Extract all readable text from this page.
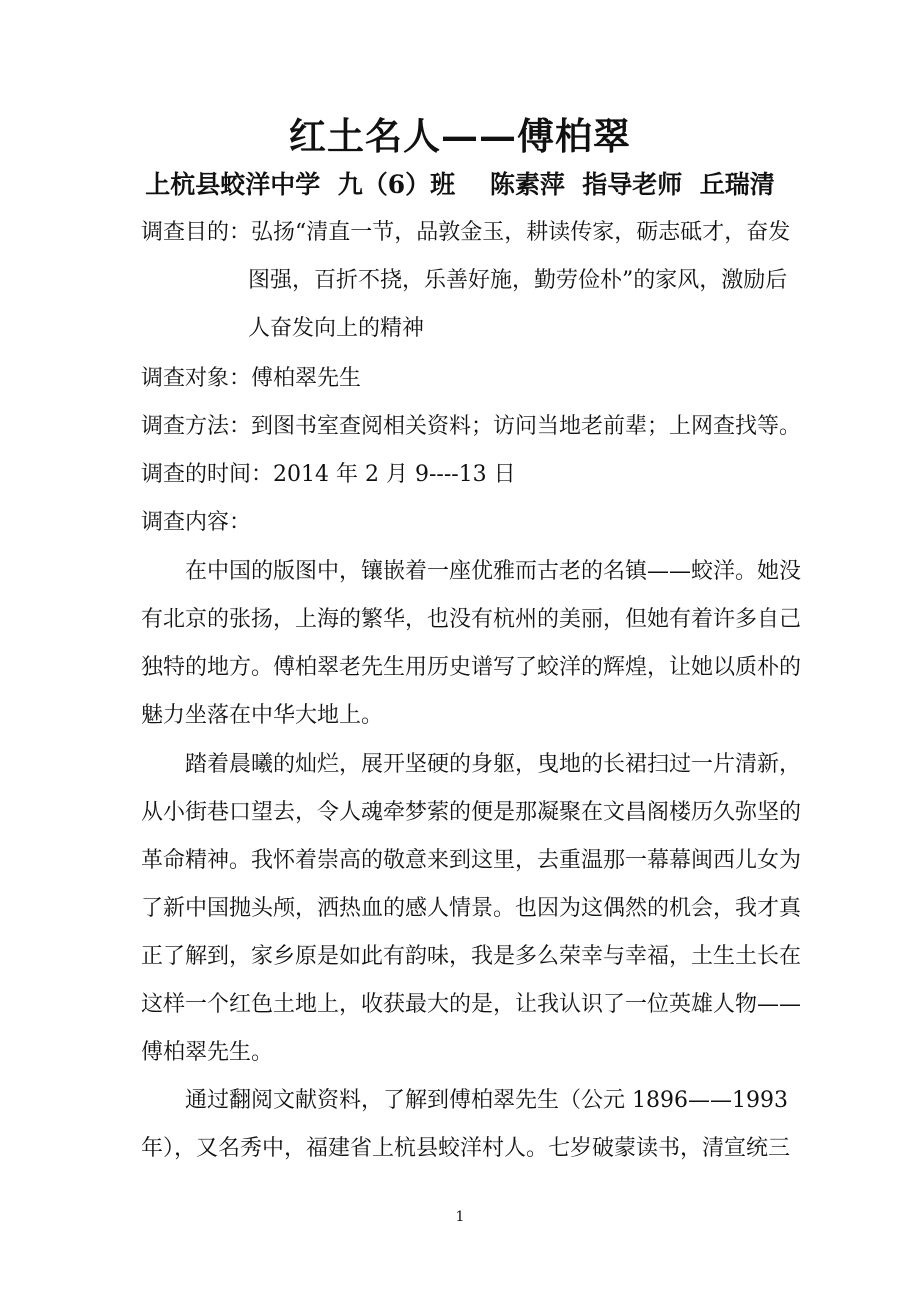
红土名人——傅柏翠
上杭县蛟洋中学  九（6）班    陈素萍  指导老师  丘瑞清
调查目的：弘扬“清直一节，品敦金玉，耕读传家，砺志砥才，奋发
图强，百折不挠，乐善好施，勤劳俭朴”的家风，激励后
人奋发向上的精神
调查对象：傅柏翠先生
调查方法：到图书室查阅相关资料；访问当地老前辈；上网查找等。
调查的时间：2014 年 2 月 9----13 日
调查内容：
在中国的版图中，镶嵌着一座优雅而古老的名镇——蛟洋。她没
有北京的张扬，上海的繁华，也没有杭州的美丽，但她有着许多自己
独特的地方。傅柏翠老先生用历史谱写了蛟洋的辉煌，让她以质朴的
魅力坐落在中华大地上。
踏着晨曦的灿烂，展开坚硬的身躯，曳地的长裙扫过一片清新，
从小街巷口望去，令人魂牵梦萦的便是那凝聚在文昌阁楼历久弥坚的
革命精神。我怀着崇高的敬意来到这里，去重温那一幕幕闽西儿女为
了新中国抛头颅，洒热血的感人情景。也因为这偶然的机会，我才真
正了解到，家乡原是如此有韵味，我是多么荣幸与幸福，土生土长在
这样一个红色土地上，收获最大的是，让我认识了一位英雄人物——
傅柏翠先生。
通过翻阅文献资料，了解到傅柏翠先生（公元 1896——1993
年），又名秀中，福建省上杭县蛟洋村人。七岁破蒙读书，清宣统三
1
